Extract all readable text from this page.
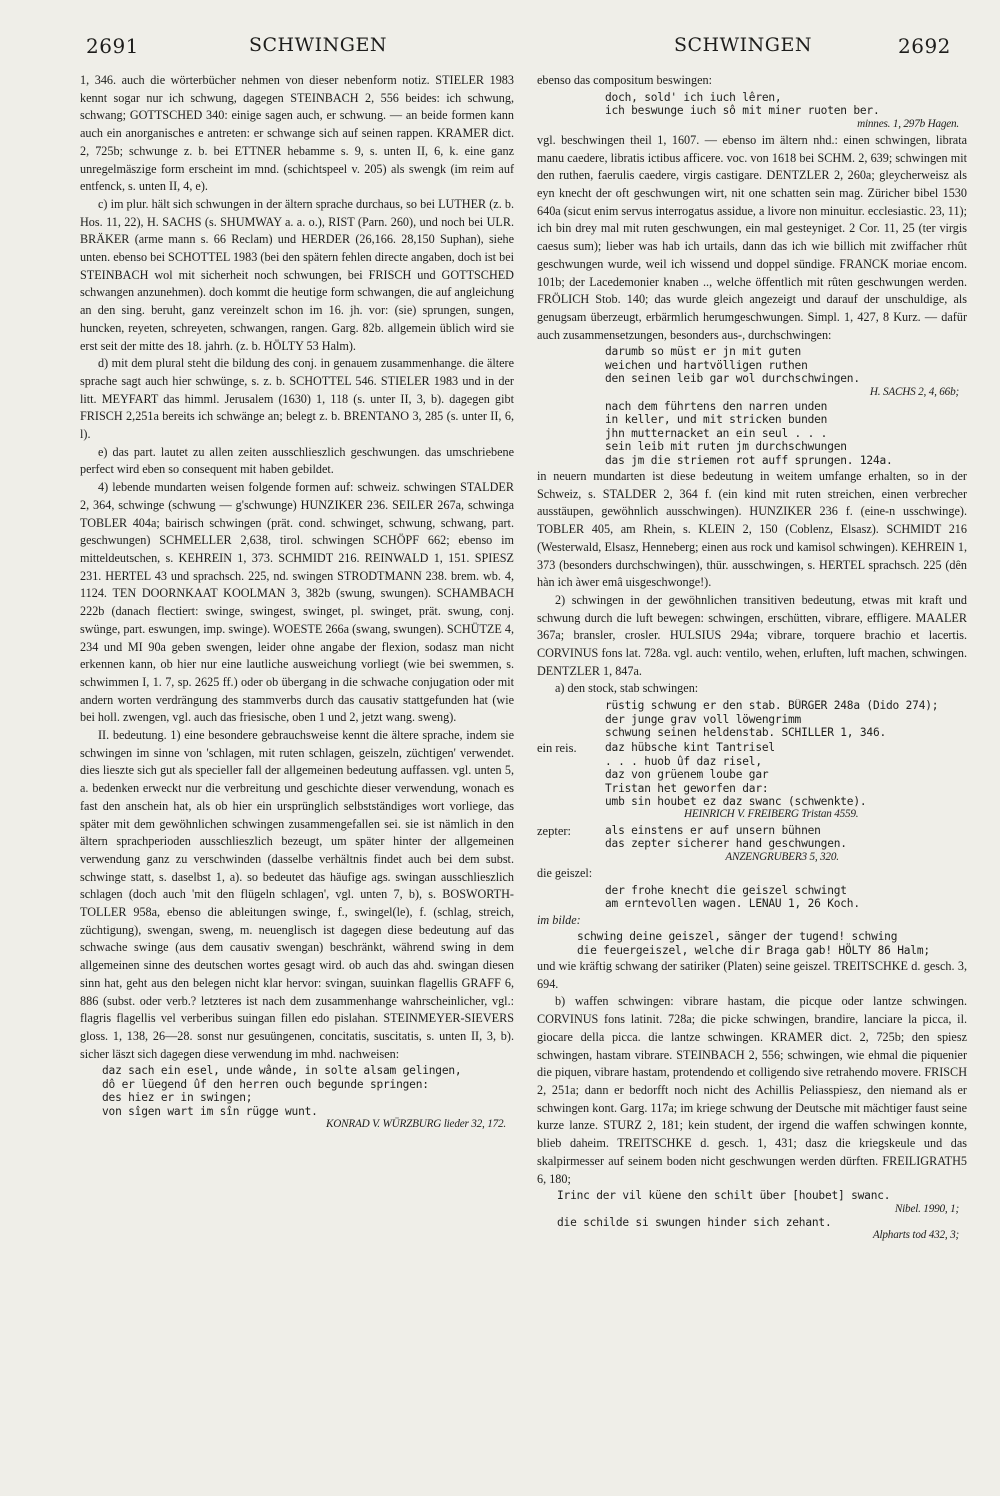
2691	SCHWINGEN	SCHWINGEN	2692

1, 346. auch die wörterbücher nehmen von dieser nebenform notiz. STIELER 1983 kennt sogar nur ich schwung, dagegen STEINBACH 2, 556 beides: ich schwung, schwang; GOTTSCHED 340: einige sagen auch, er schwung. — an beide formen kann auch ein anorganisches e antreten: er schwange sich auf seinen rappen. KRAMER dict. 2, 725b; schwunge z. b. bei ETTNER hebamme s. 9, s. unten II, 6, k. eine ganz unregelmäszige form erscheint im mnd. (schichtspeel v. 205) als swengk (im reim auf entfenck, s. unten II, 4, e).

c) im plur. hält sich schwungen in der ältern sprache durchaus, so bei LUTHER (z. b. Hos. 11, 22), H. SACHS (s. SHUMWAY a. a. o.), RIST (Parn. 260), und noch bei ULR. BRÄKER (arme mann s. 66 Reclam) und HERDER (26,166. 28,150 Suphan), siehe unten. ebenso bei SCHOTTEL 1983 (bei den spätern fehlen directe angaben, doch ist bei STEINBACH wol mit sicherheit noch schwungen, bei FRISCH und GOTTSCHED schwangen anzunehmen). doch kommt die heutige form schwangen, die auf angleichung an den sing. beruht, ganz vereinzelt schon im 16. jh. vor: (sie) sprungen, sungen, huncken, reyeten, schreyeten, schwangen, rangen. Garg. 82b. allgemein üblich wird sie erst seit der mitte des 18. jahrh. (z. b. HÖLTY 53 Halm).

d) mit dem plural steht die bildung des conj. in genauem zusammenhange. die ältere sprache sagt auch hier schwünge, s. z. b. SCHOTTEL 546. STIELER 1983 und in der litt. MEYFART das himml. Jerusalem (1630) 1, 118 (s. unter II, 3, b). dagegen gibt FRISCH 2,251a bereits ich schwänge an; belegt z. b. BRENTANO 3, 285 (s. unter II, 6, l).

e) das part. lautet zu allen zeiten ausschlieszlich geschwungen. das umschriebene perfect wird eben so consequent mit haben gebildet.

4) lebende mundarten weisen folgende formen auf: schweiz. schwingen STALDER 2, 364, schwinge (schwung — g'schwunge) HUNZIKER 236. SEILER 267a, schwinga TOBLER 404a; bairisch schwingen (prät. cond. schwinget, schwung, schwang, part. geschwungen) SCHMELLER 2,638, tirol. schwingen SCHÖPF 662; ebenso im mitteldeutschen, s. KEHREIN 1, 373. SCHMIDT 216. REINWALD 1, 151. SPIESZ 231. HERTEL 43 und sprachsch. 225, nd. swingen STRODTMANN 238. brem. wb. 4, 1124. TEN DOORNKAAT KOOLMAN 3, 382b (swung, swungen). SCHAMBACH 222b (danach flectiert: swinge, swingest, swinget, pl. swinget, prät. swung, conj. swünge, part. eswungen, imp. swinge). WOESTE 266a (swang, swungen). SCHÜTZE 4, 234 und MI 90a geben swengen, leider ohne angabe der flexion, sodasz man nicht erkennen kann, ob hier nur eine lautliche ausweichung vorliegt (wie bei swemmen, s. schwimmen I, 1. 7, sp. 2625 ff.) oder ob übergang in die schwache conjugation oder mit andern worten verdrängung des stammverbs durch das causativ stattgefunden hat (wie bei holl. zwengen, vgl. auch das friesische, oben 1 und 2, jetzt wang. sweng).

II. bedeutung. 1) eine besondere gebrauchsweise kennt die ältere sprache, indem sie schwingen im sinne von 'schlagen, mit ruten schlagen, geiszeln, züchtigen' verwendet. dies lieszte sich gut als specieller fall der allgemeinen bedeutung auffassen. vgl. unten 5, a. bedenken erweckt nur die verbreitung und geschichte dieser verwendung, wonach es fast den anschein hat, als ob hier ein ursprünglich selbstständiges wort vorliege, das später mit dem gewöhnlichen schwingen zusammengefallen sei. sie ist nämlich in den ältern sprachperioden ausschlieszlich bezeugt, um später hinter der allgemeinen verwendung ganz zu verschwinden (dasselbe verhältnis findet auch bei dem subst. schwinge statt, s. daselbst 1, a). so bedeutet das häufige ags. swingan ausschlieszlich schlagen (doch auch 'mit den flügeln schlagen', vgl. unten 7, b), s. BOSWORTH-TOLLER 958a, ebenso die ableitungen swinge, f., swingel(le), f. (schlag, streich, züchtigung), swengan, sweng, m. neuenglisch ist dagegen diese bedeutung auf das schwache swinge (aus dem causativ swengan) beschränkt, während swing in dem allgemeinen sinne des deutschen wortes gesagt wird. ob auch das ahd. swingan diesen sinn hat, geht aus den belegen nicht klar hervor: svingan, suuinkan flagellis GRAFF 6, 886 (subst. oder verb.? letzteres ist nach dem zusammenhange wahrscheinlicher, vgl.: flagris flagellis vel verberibus suingan fillen edo pislahan. STEINMEYER-SIEVERS gloss. 1, 138, 26—28. sonst nur gesuüngenen, concitatis, suscitatis, s. unten II, 3, b). sicher läszt sich dagegen diese verwendung im mhd. nachweisen:

daz sach ein esel, unde wânde, in solte alsam gelingen,
dô er lüegend ûf den herren ouch begunde springen:
des hiez er in swingen;
von sîgen wart im sîn rügge wunt.
KONRAD V. WÜRZBURG lieder 32, 172.

ebenso das compositum beswingen:

doch, sold' ich iuch lêren,
ich beswunge iuch sô mit miner ruoten ber.
minnes. 1, 297b Hagen.

vgl. beschwingen theil 1, 1607. — ebenso im ältern nhd.: einen schwingen, librata manu caedere, libratis ictibus afficere. voc. von 1618 bei SCHM. 2, 639; schwingen mit den ruthen, faerulis caedere, virgis castigare. DENTZLER 2, 260a; gleycherweisz als eyn knecht der oft geschwungen wirt, nit one schatten sein mag. Züricher bibel 1530 640a (sicut enim servus interrogatus assidue, a livore non minuitur. ecclesiastic. 23, 11); ich bin drey mal mit ruten geschwungen, ein mal gesteyniget. 2 Cor. 11, 25 (ter virgis caesus sum); lieber was hab ich urtails, dann das ich wie billich mit zwiffacher rhût geschwungen wurde, weil ich wissend und doppel sündige. FRANCK moriae encom. 101b; der Lacedemonier knaben .., welche öffentlich mit rûten geschwungen werden. FRÖLICH Stob. 140; das wurde gleich angezeigt und darauf der unschuldige, als genugsam überzeugt, erbärmlich herumgeschwungen. Simpl. 1, 427, 8 Kurz. — dafür auch zusammensetzungen, besonders aus-, durchschwingen:

darumb so müst er jn mit guten
weichen und hartvölligen ruthen
den seinen leib gar wol durchschwingen.
H. SACHS 2, 4, 66b;
nach dem führtens den narren unden
in keller, und mit stricken bunden
jhn mutternacket an ein seul . . .
sein leib mit ruten jm durchschwungen
das jm die striemen rot auff sprungen. 124a.

in neuern mundarten ist diese bedeutung in weitem umfange erhalten, so in der Schweiz, s. STALDER 2, 364 f. (ein kind mit ruten streichen, einen verbrecher ausstäupen, gewöhnlich ausschwingen). HUNZIKER 236 f. (eine-n usschwinge). TOBLER 405, am Rhein, s. KLEIN 2, 150 (Coblenz, Elsasz). SCHMIDT 216 (Westerwald, Elsasz, Henneberg; einen aus rock und kamisol schwingen). KEHREIN 1, 373 (besonders durchschwingen), thür. ausschwingen, s. HERTEL sprachsch. 225 (dên hàn ich àwer emâ uisgeschwonge!).

2) schwingen in der gewöhnlichen transitiven bedeutung, etwas mit kraft und schwung durch die luft bewegen: schwingen, erschütten, vibrare, effligere. MAALER 367a; bransler, crosler. HULSIUS 294a; vibrare, torquere brachio et lacertis. CORVINUS fons lat. 728a. vgl. auch: ventilo, wehen, erluften, luft machen, schwingen. DENTZLER 1, 847a.

a) den stock, stab schwingen:

rüstig schwung er den stab. BÜRGER 248a (Dido 274);
der junge grav voll löwengrimm
schwung seinen heldenstab. SCHILLER 1, 346.
ein reis.	daz hübsche kint Tantrisel
. . . huob ûf daz risel,
daz von grüenem loube gar
Tristan het geworfen dar:
umb sin houbet ez daz swanc (schwenkte).
HEINRICH V. FREIBERG Tristan 4559.
zepter:	als einstens er auf unsern bühnen
das zepter sicherer hand geschwungen.
ANZENGRUBER3 5, 320.

die geiszel:

der frohe knecht die geiszel schwingt
am erntevollen wagen. LENAU 1, 26 Koch.

im bilde:

schwing deine geiszel, sänger der tugend! schwing
die feuergeiszel, welche dir Braga gab! HÖLTY 86 Halm;

und wie kräftig schwang der satiriker (Platen) seine geiszel. TREITSCHKE d. gesch. 3, 694.

b) waffen schwingen: vibrare hastam, die picque oder lantze schwingen. CORVINUS fons latinit. 728a; die picke schwingen, brandire, lanciare la picca, il. giocare della picca. die lantze schwingen. KRAMER dict. 2, 725b; den spiesz schwingen, hastam vibrare. STEINBACH 2, 556; schwingen, wie ehmal die piquenier die piquen, vibrare hastam, protendendo et colligendo sive retrahendo movere. FRISCH 2, 251a; dann er bedorfft noch nicht des Achillis Peliasspiesz, den niemand als er schwingen kont. Garg. 117a; im kriege schwung der Deutsche mit mächtiger faust seine kurze lanze. STURZ 2, 181; kein student, der irgend die waffen schwingen konnte, blieb daheim. TREITSCHKE d. gesch. 1, 431; dasz die kriegskeule und das skalpirmesser auf seinem boden nicht geschwungen werden dürften. FREILIGRATH5 6, 180;

Irinc der vil küene den schilt über [houbet] swanc.
Nibel. 1990, 1;
die schilde si swungen hinder sich zehant.
Alpharts tod 432, 3;
